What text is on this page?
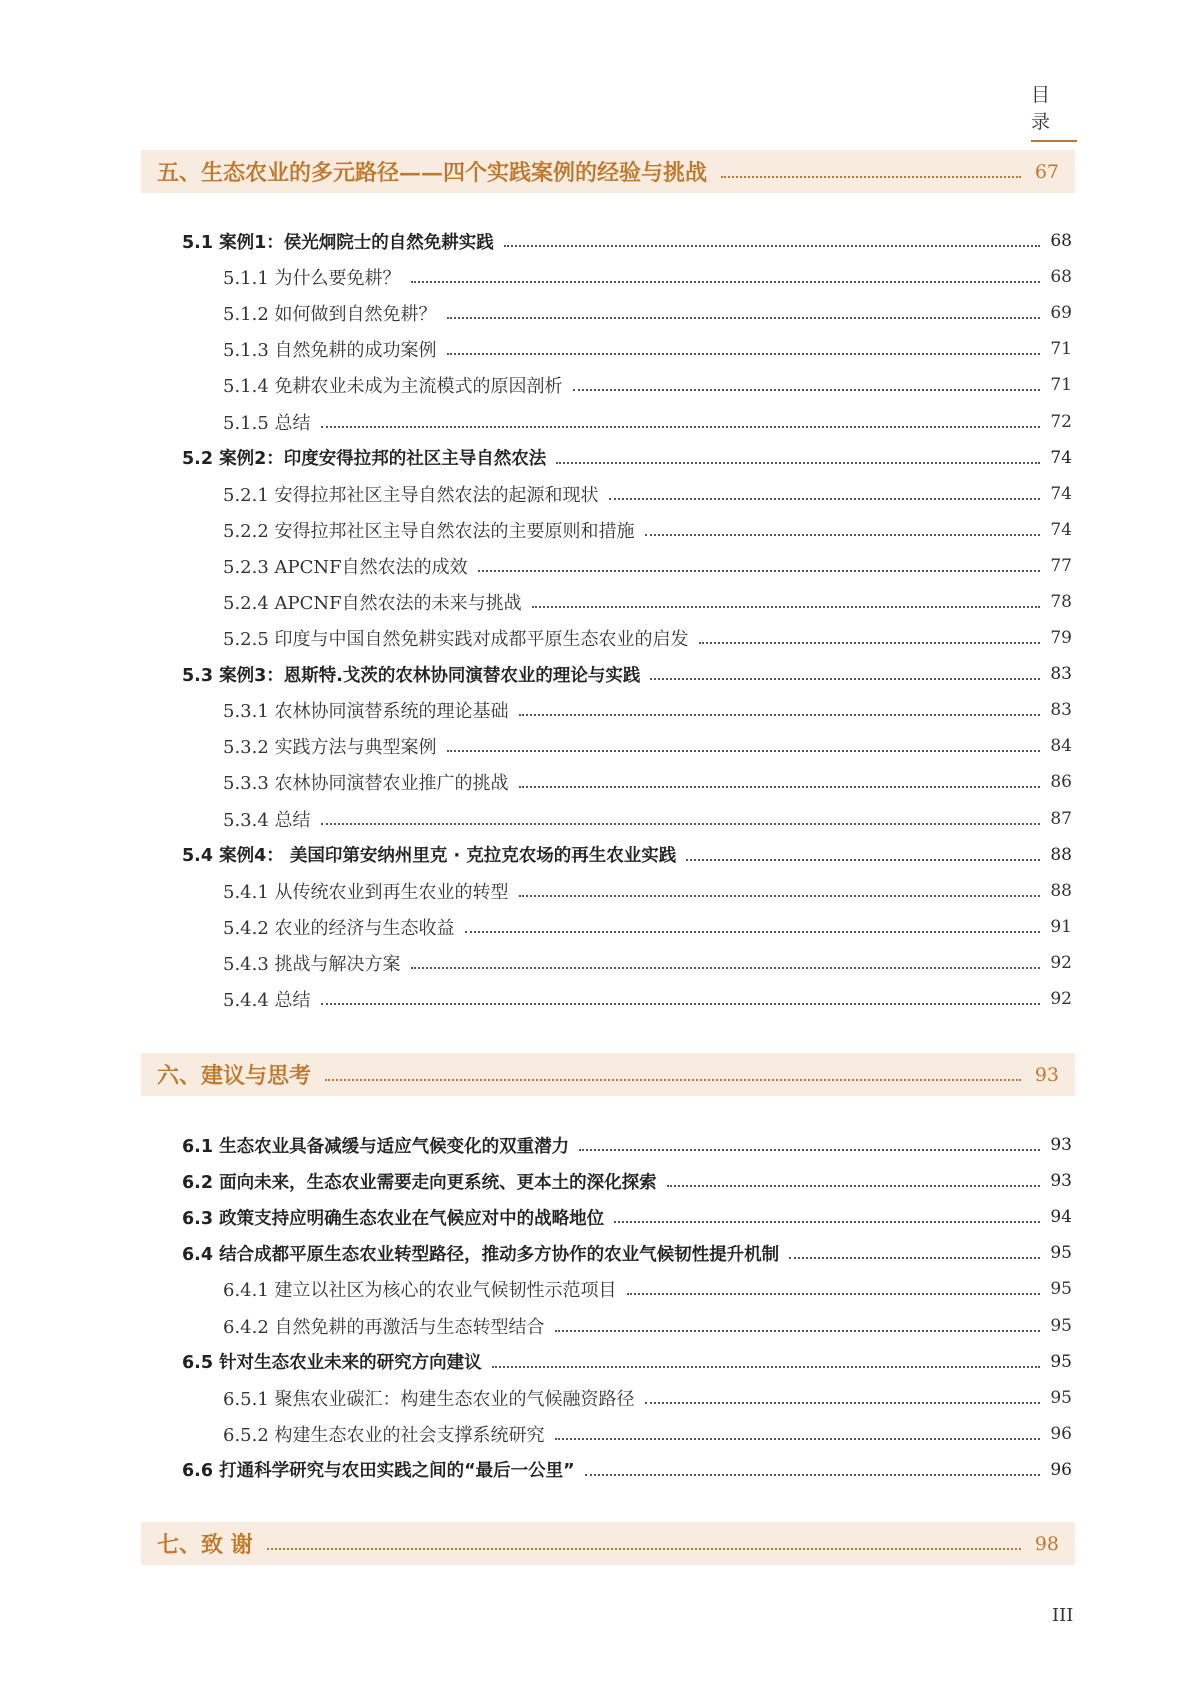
目 录
五、生态农业的多元路径——四个实践案例的经验与挑战	67
5.1 案例1：侯光炯院士的自然免耕实践	68
5.1.1 为什么要免耕？	68
5.1.2 如何做到自然免耕？	69
5.1.3 自然免耕的成功案例	71
5.1.4 免耕农业未成为主流模式的原因剖析	71
5.1.5 总结	72
5.2 案例2：印度安得拉邦的社区主导自然农法	74
5.2.1 安得拉邦社区主导自然农法的起源和现状	74
5.2.2 安得拉邦社区主导自然农法的主要原则和措施	74
5.2.3 APCNF自然农法的成效	77
5.2.4 APCNF自然农法的未来与挑战	78
5.2.5 印度与中国自然免耕实践对成都平原生态农业的启发	79
5.3 案例3：恩斯特.戈茨的农林协同演替农业的理论与实践	83
5.3.1 农林协同演替系统的理论基础	83
5.3.2 实践方法与典型案例	84
5.3.3 农林协同演替农业推广的挑战	86
5.3.4 总结	87
5.4 案例4： 美国印第安纳州里克 · 克拉克农场的再生农业实践	88
5.4.1 从传统农业到再生农业的转型	88
5.4.2 农业的经济与生态收益	91
5.4.3 挑战与解决方案	92
5.4.4 总结	92
六、建议与思考	93
6.1 生态农业具备减缓与适应气候变化的双重潜力	93
6.2 面向未来，生态农业需要走向更系统、更本土的深化探索	93
6.3 政策支持应明确生态农业在气候应对中的战略地位	94
6.4 结合成都平原生态农业转型路径，推动多方协作的农业气候韧性提升机制	95
6.4.1 建立以社区为核心的农业气候韧性示范项目	95
6.4.2 自然免耕的再激活与生态转型结合	95
6.5 针对生态农业未来的研究方向建议	95
6.5.1 聚焦农业碳汇：构建生态农业的气候融资路径	95
6.5.2 构建生态农业的社会支撑系统研究	96
6.6 打通科学研究与农田实践之间的“最后一公里”	96
七、致 谢	98
III
